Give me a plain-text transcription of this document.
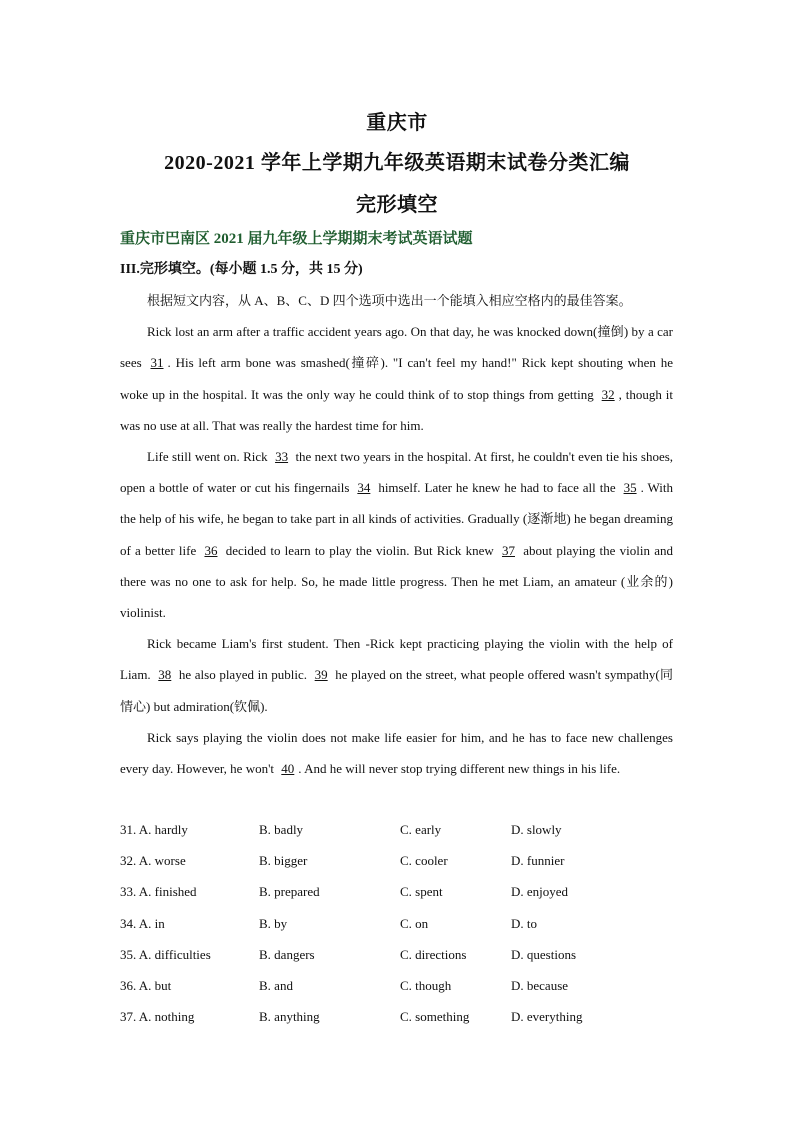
重庆市
2020-2021 学年上学期九年级英语期末试卷分类汇编
完形填空
重庆市巴南区 2021 届九年级上学期期末考试英语试题
III.完形填空。(每小题 1.5 分，共 15 分)

根据短文内容，从 A、B、C、D 四个选项中选出一个能填入相应空格内的最佳答案。

Rick lost an arm after a traffic accident years ago. On that day, he was knocked down(撞倒) by a car sees 31 . His left arm bone was smashed(撞碎). "I can't feel my hand!" Rick kept shouting when he woke up in the hospital. It was the only way he could think of to stop things from getting 32 , though it was no use at all. That was really the hardest time for him.

Life still went on. Rick 33 the next two years in the hospital. At first, he couldn't even tie his shoes, open a bottle of water or cut his fingernails 34 himself. Later he knew he had to face all the 35 . With the help of his wife, he began to take part in all kinds of activities. Gradually (逐渐地) he began dreaming of a better life 36 decided to learn to play the violin. But Rick knew 37 about playing the violin and there was no one to ask for help. So, he made little progress. Then he met Liam, an amateur (业余的) violinist.

Rick became Liam's first student. Then -Rick kept practicing playing the violin with the help of Liam. 38 he also played in public. 39 he played on the street, what people offered wasn't sympathy(同情心) but admiration(钦佩).

Rick says playing the violin does not make life easier for him, and he has to face new challenges every day. However, he won't 40 . And he will never stop trying different new things in his life.

31. A. hardly	B. badly	C. early	D. slowly
32. A. worse	B. bigger	C. cooler	D. funnier
33. A. finished	B. prepared	C. spent	D. enjoyed
34. A. in	B. by	C. on	D. to
35. A. difficulties	B. dangers	C. directions	D. questions
36. A. but	B. and	C. though	D. because
37. A. nothing	B. anything	C. something	D. everything
